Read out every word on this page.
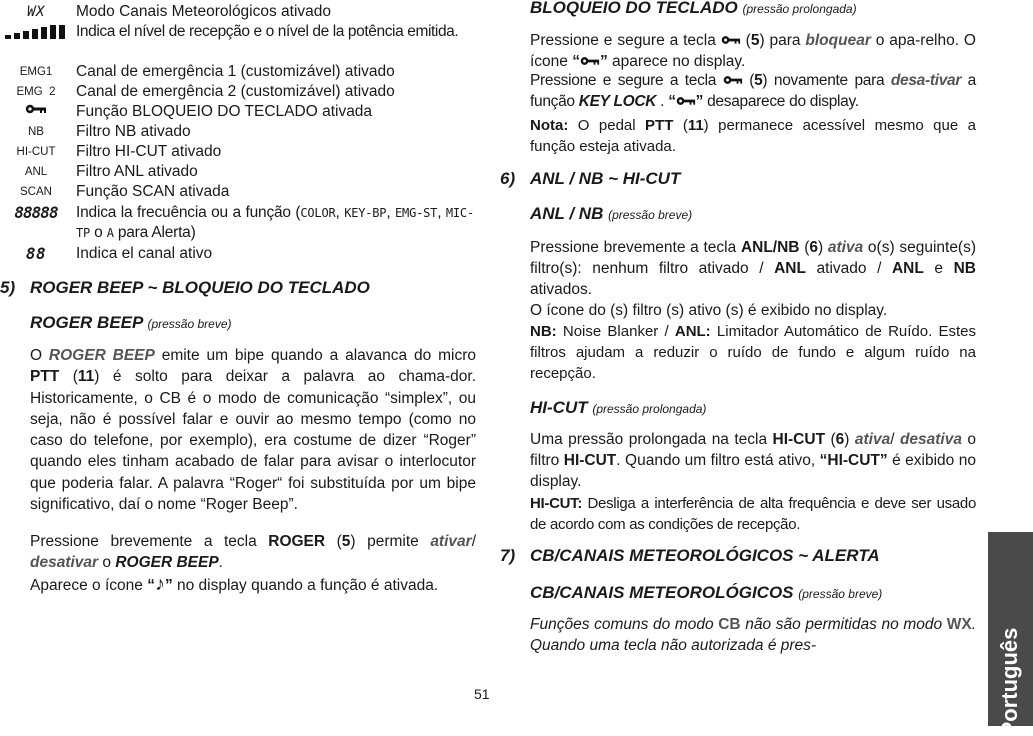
WX	Modo Canais Meteorológicos ativado
Indica el nível de recepção e o nível de la potência emitida.
EMG1	Canal de emergência 1 (customizável) ativado
EMG  2	Canal de emergência 2 (customizável) ativado
Função BLOQUEIO DO TECLADO ativada
NB	Filtro NB ativado
HI-CUT	Filtro HI-CUT ativado
ANL	Filtro ANL ativado
SCAN	Função SCAN ativada
88888	Indica la frecuência ou a função (COLOR, KEY-BP, EMG-ST, MIC-TP o A para Alerta)
88	Indica el canal ativo
5) ROGER BEEP ~ BLOQUEIO DO TECLADO
ROGER BEEP (pressão breve)
O ROGER BEEP emite um bipe quando a alavanca do micro PTT (11) é solto para deixar a palavra ao chama-dor. Historicamente, o CB é o modo de comunicação “simplex”, ou seja, não é possível falar e ouvir ao mesmo tempo (como no caso do telefone, por exemplo), era costume de dizer “Roger” quando eles tinham acabado de falar para avisar o interlocutor que poderia falar. A palavra “Roger“ foi substituída por um bipe significativo, daí o nome “Roger Beep”.
Pressione brevemente a tecla ROGER (5) permite ativar/ desativar o ROGER BEEP.
Aparece o ícone “♪” no display quando a função é ativada.
BLOQUEIO DO TECLADO (pressão prolongada)
Pressione e segure a tecla  (5) para bloquear o apa-relho. O ícone “ ” aparece no display.
Pressione e segure a tecla  (5) novamente para desa-tivar a função KEY LOCK . “ ” desaparece do display.
Nota: O pedal PTT (11) permanece acessível mesmo que a função esteja ativada.
6) ANL / NB ~ HI-CUT
ANL / NB (pressão breve)
Pressione brevemente a tecla ANL/NB (6) ativa o(s) seguinte(s) filtro(s): nenhum filtro ativado / ANL ativado / ANL e NB ativados.
O ícone do (s) filtro (s) ativo (s) é exibido no display.
NB: Noise Blanker / ANL: Limitador Automático de Ruído. Estes filtros ajudam a reduzir o ruído de fundo e algum ruído na recepção.
HI-CUT (pressão prolongada)
Uma pressão prolongada na tecla HI-CUT (6) ativa/ desativa o filtro HI-CUT. Quando um filtro está ativo, “HI-CUT” é exibido no display.
HI-CUT: Desliga a interferência de alta frequência e deve ser usado de acordo com as condições de recepção.
7) CB/CANAIS METEOROLÓGICOS ~ ALERTA
CB/CANAIS METEOROLÓGICOS (pressão breve)
Funções comuns do modo CB não são permitidas no modo WX. Quando uma tecla não autorizada é pres-
51	Português
